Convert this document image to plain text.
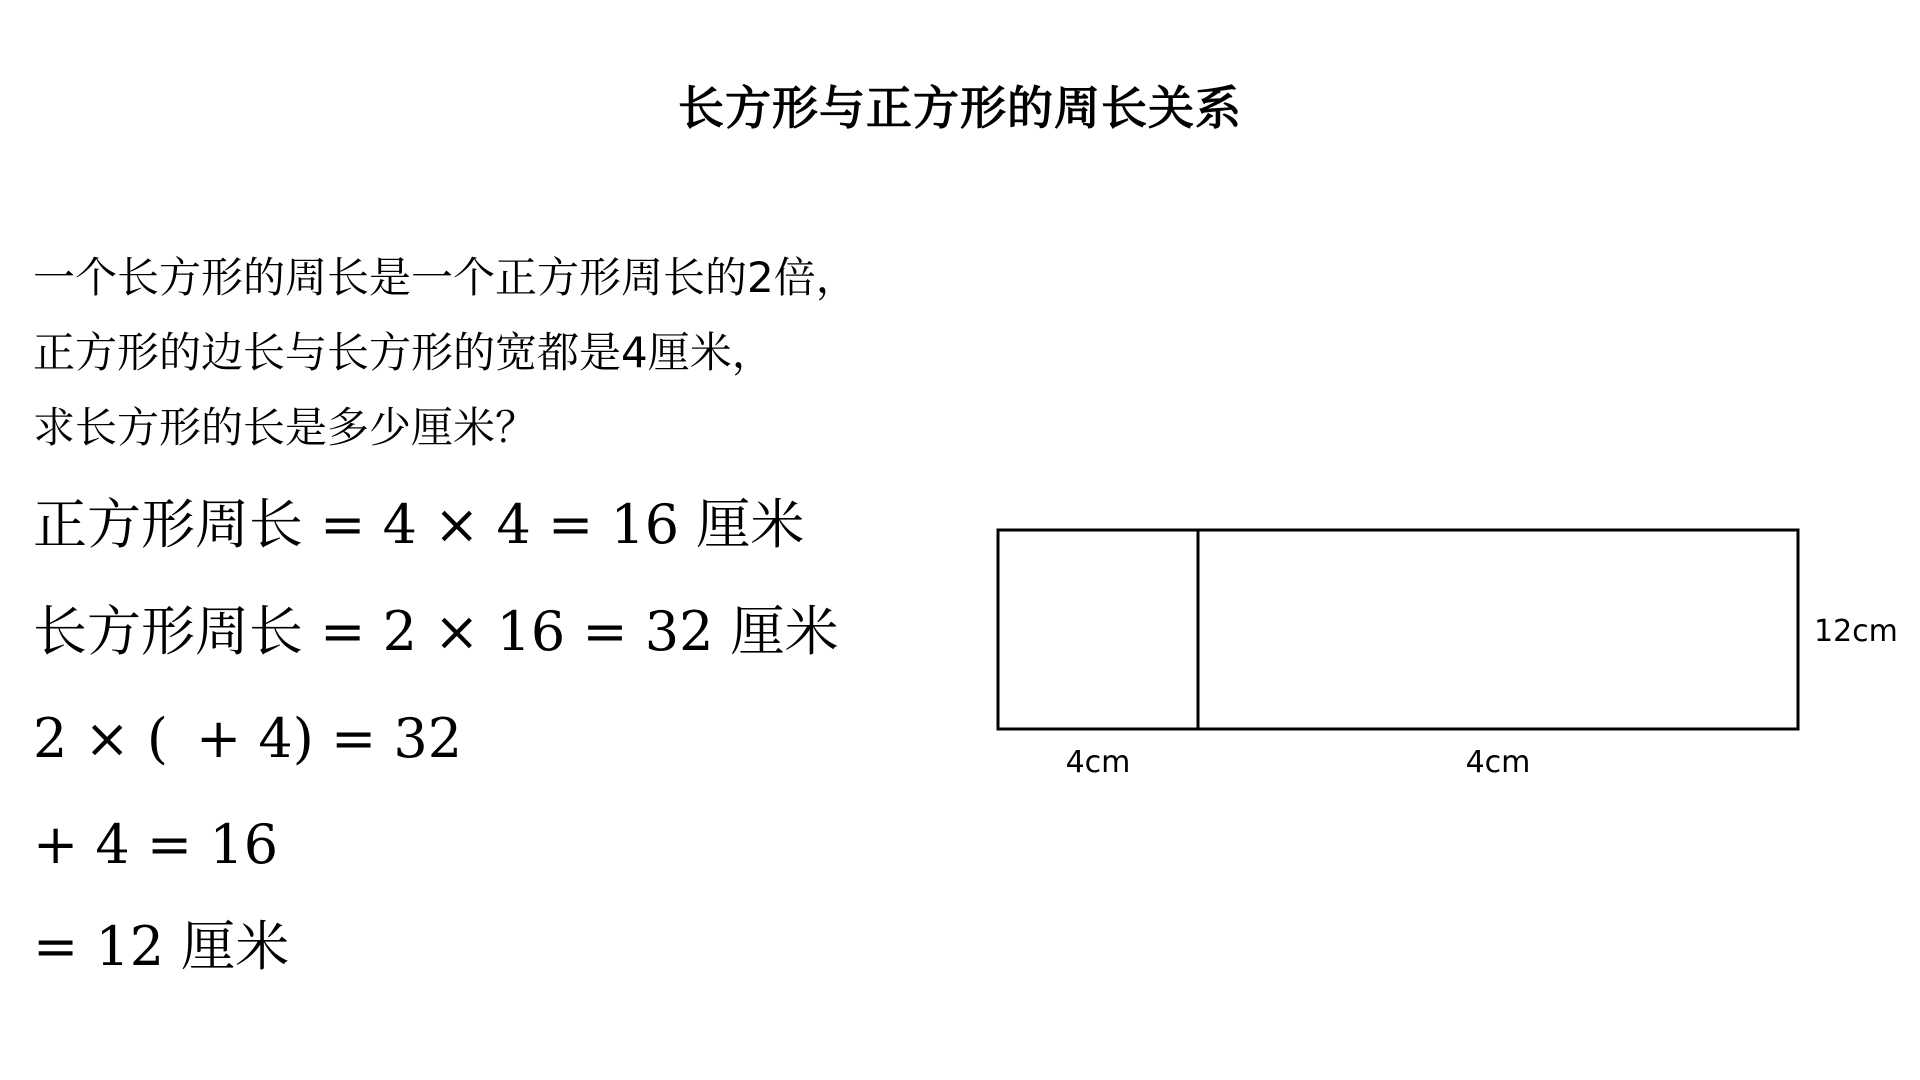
长方形与正方形的周长关系
一个长方形的周长是一个正方形周长的2倍，
正方形的边长与长方形的宽都是4厘米，
求长方形的长是多少厘米？
正方形周长 = 4 × 4 = 16 厘米
长方形周长 = 2 × 16 = 32 厘米
2 × ( + 4) = 32
+ 4 = 16
= 12 厘米
4cm	4cm
12cm
